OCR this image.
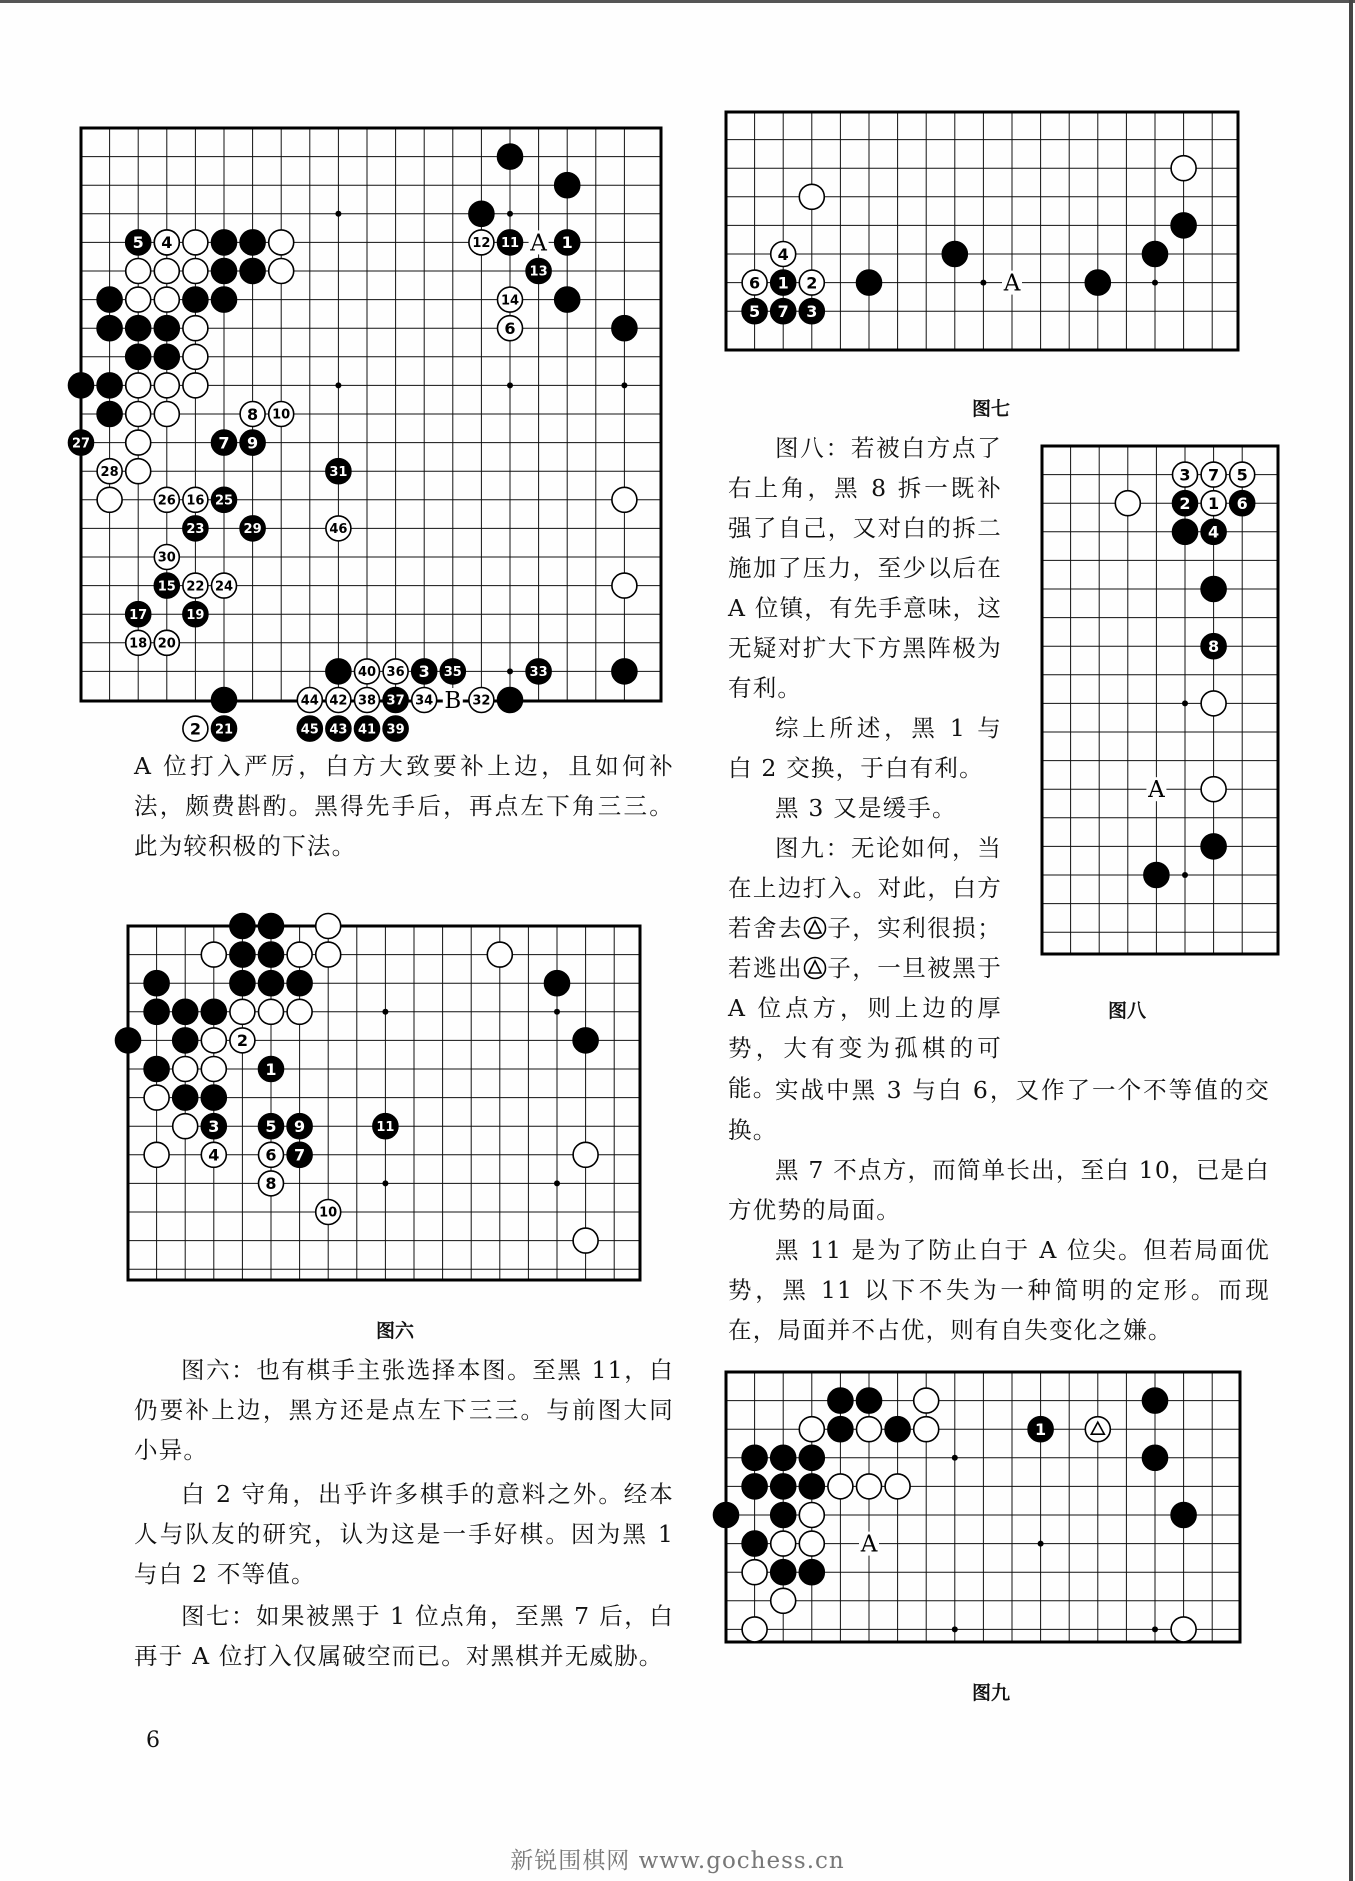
5 4	12 11	1
13
14
6
8 10
27	7 9
28	31
26 16 25
23	29	46
30
15 22 24
17	19
18 20
40 36 3 35	33
44 42 38 37 34	32
2 21	45 43 41 39
A
B

A 位打入严厉，白方大致要补上边，且如何补法，颇费斟酌。黑得先手后，再点左下角三三。此为较积极的下法。

2
1
3	5 9	11
4	6 7
8
10
图六

图六：也有棋手主张选择本图。至黑 11，白仍要补上边，黑方还是点左下三三。与前图大同小异。

白 2 守角，出乎许多棋手的意料之外。经本人与队友的研究，认为这是一手好棋。因为黑 1 与白 2 不等值。

图七：如果被黑于 1 位点角，至黑 7 后，白再于 A 位打入仅属破空而已。对黑棋并无威胁。

6
4
6 1 2
5 7 3
A
图七
3 7 5
2 1 6
4
8
A
图八

图八：若被白方点了右上角，黑 8 拆一既补强了自己，又对白的拆二施加了压力，至少以后在 A 位镇，有先手意味，这无疑对扩大下方黑阵极为有利。

综上所述，黑 1 与白 2 交换，于白有利。

黑 3 又是缓手。

图九：无论如何，当在上边打入。对此，白方若舍去 子，实利很损；若逃出 子，一旦被黑于 A 位点方，则上边的厚势，大有变为孤棋的可能。

实战中黑 3 与白 6，又作了一个不等值的交换。

黑 7 不点方，而简单长出，至白 10，已是白方优势的局面。

黑 11 是为了防止白于 A 位尖。但若局面优势，黑 11 以下不失为一种简明的定形。而现在，局面并不占优，则有自失变化之嫌。

1
A
图九
新锐围棋网 www.gochess.cn
